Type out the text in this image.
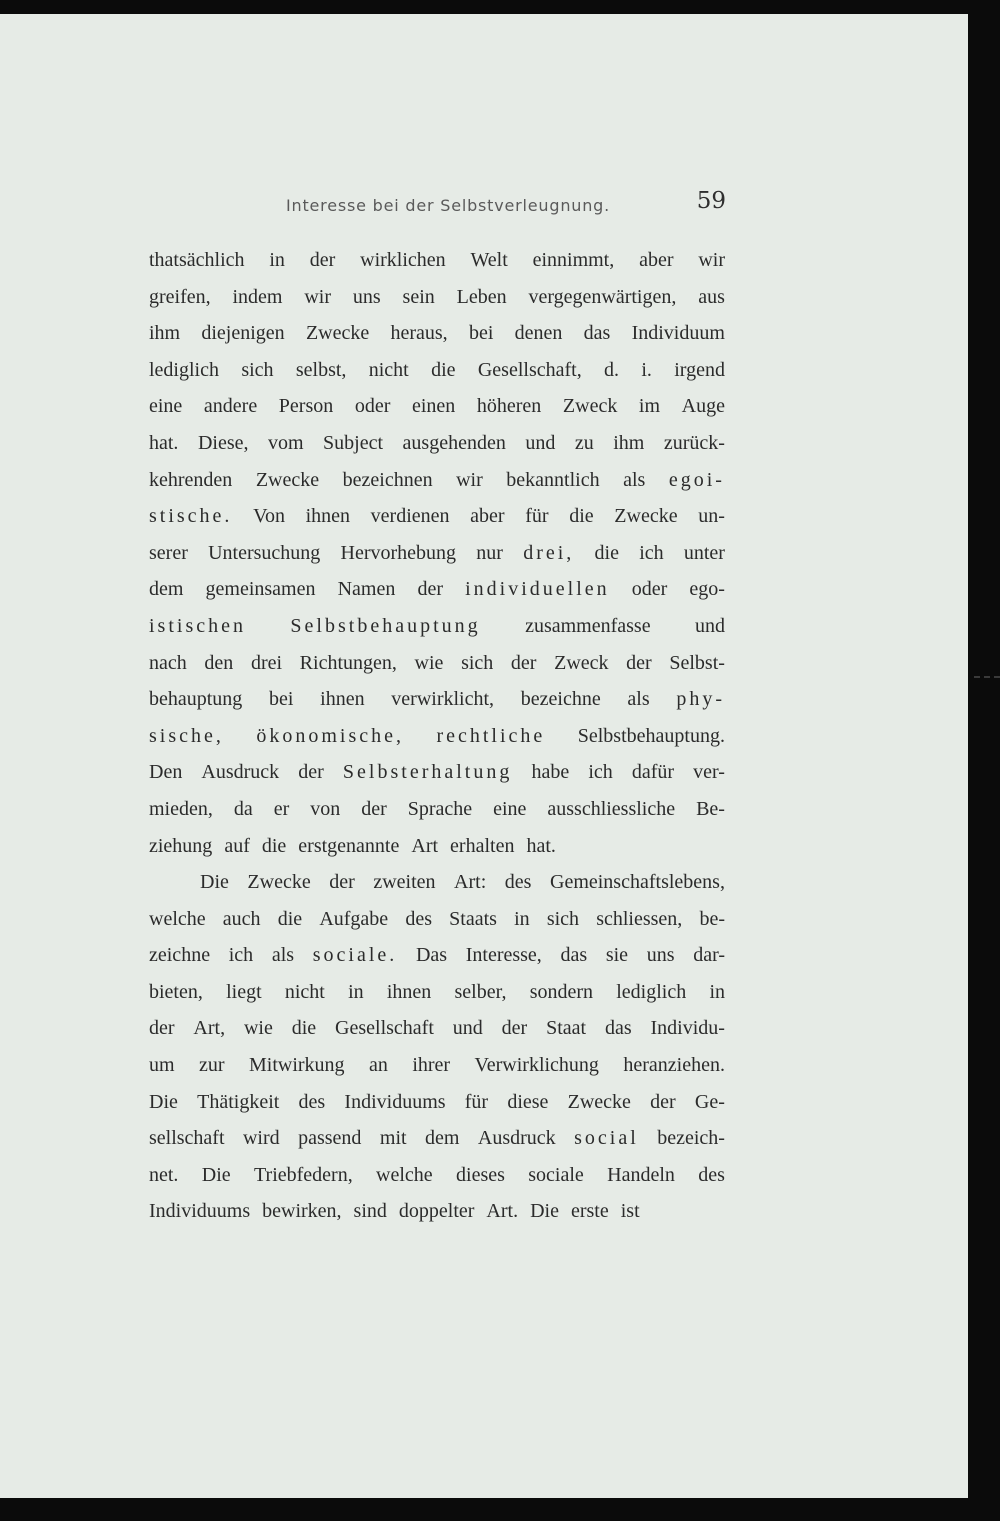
Interesse bei der Selbstverleugnung.	59
thatsächlich in der wirklichen Welt einnimmt, aber wir
greifen, indem wir uns sein Leben vergegenwärtigen, aus
ihm diejenigen Zwecke heraus, bei denen das Individuum
lediglich sich selbst, nicht die Gesellschaft, d. i. irgend
eine andere Person oder einen höheren Zweck im Auge
hat. Diese, vom Subject ausgehenden und zu ihm zurück-
kehrenden Zwecke bezeichnen wir bekanntlich als egoi-
stische. Von ihnen verdienen aber für die Zwecke un-
serer Untersuchung Hervorhebung nur drei, die ich unter
dem gemeinsamen Namen der individuellen oder ego-
istischen Selbstbehauptung zusammenfasse und
nach den drei Richtungen, wie sich der Zweck der Selbst-
behauptung bei ihnen verwirklicht, bezeichne als phy-
sische, ökonomische, rechtliche Selbstbehauptung.
Den Ausdruck der Selbsterhaltung habe ich dafür ver-
mieden, da er von der Sprache eine ausschliessliche Be-
ziehung auf die erstgenannte Art erhalten hat.
Die Zwecke der zweiten Art: des Gemeinschaftslebens,
welche auch die Aufgabe des Staats in sich schliessen, be-
zeichne ich als sociale. Das Interesse, das sie uns dar-
bieten, liegt nicht in ihnen selber, sondern lediglich in
der Art, wie die Gesellschaft und der Staat das Individu-
um zur Mitwirkung an ihrer Verwirklichung heranziehen.
Die Thätigkeit des Individuums für diese Zwecke der Ge-
sellschaft wird passend mit dem Ausdruck social bezeich-
net. Die Triebfedern, welche dieses sociale Handeln des
Individuums bewirken, sind doppelter Art. Die erste ist
